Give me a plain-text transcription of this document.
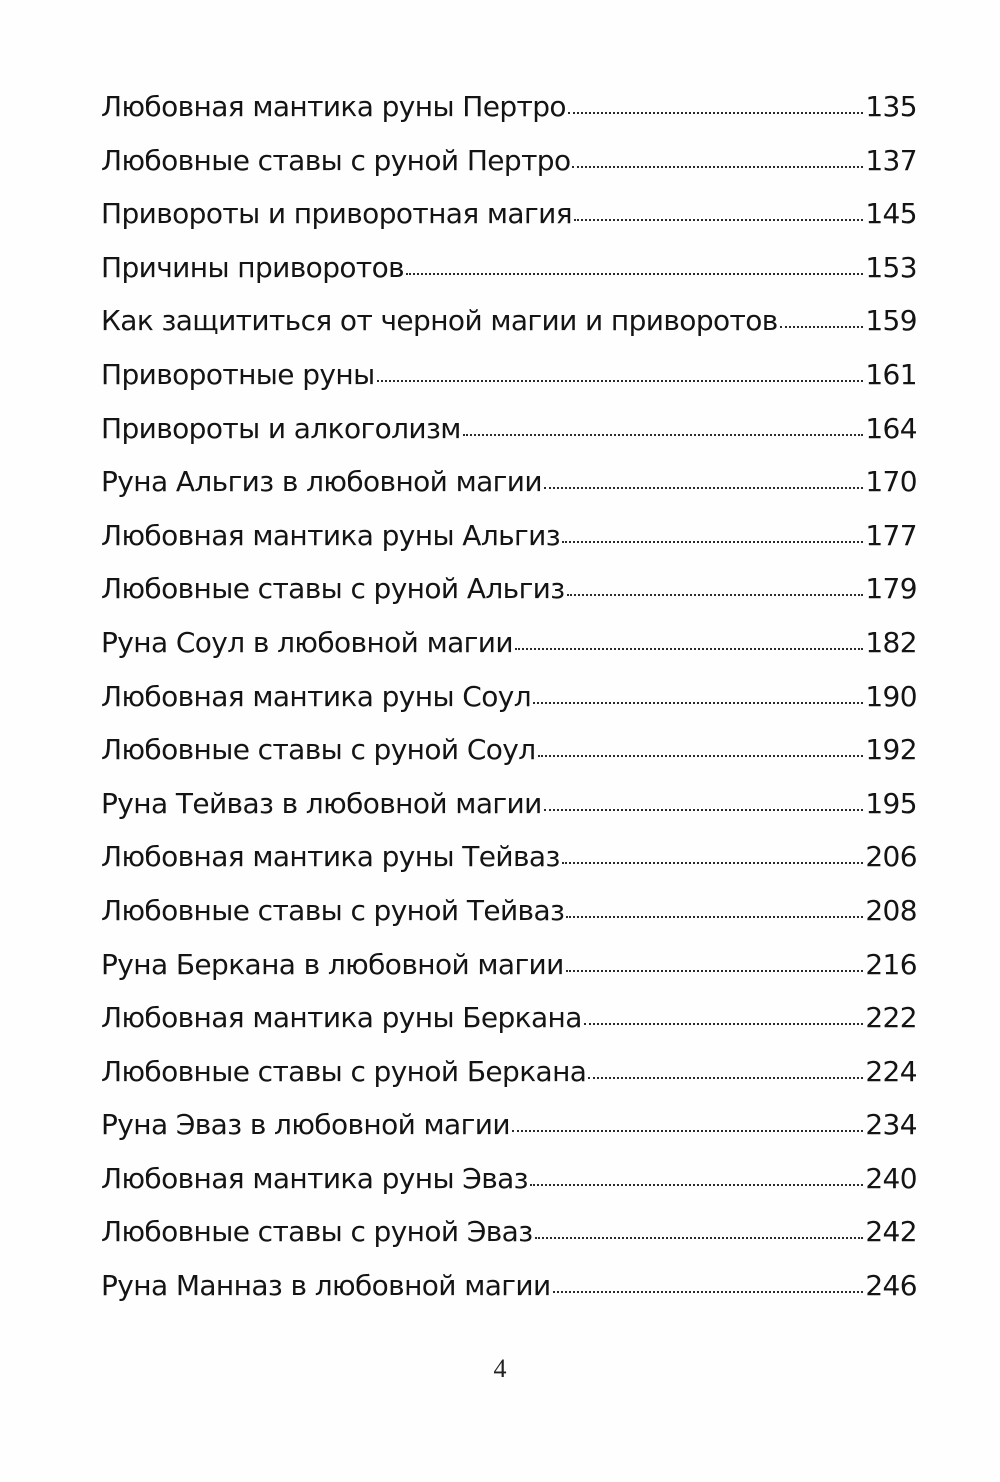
Любовная мантика руны Пертро	135
Любовные ставы с руной Пертро	137
Привороты и приворотная магия	145
Причины приворотов	153
Как защититься от черной магии и приворотов	159
Приворотные руны	161
Привороты и алкоголизм	164
Руна Альгиз в любовной магии	170
Любовная мантика руны Альгиз	177
Любовные ставы с руной Альгиз	179
Руна Соул в любовной магии	182
Любовная мантика руны Соул	190
Любовные ставы с руной Соул	192
Руна Тейваз в любовной магии	195
Любовная мантика руны Тейваз	206
Любовные ставы с руной Тейваз	208
Руна Беркана в любовной магии	216
Любовная мантика руны Беркана	222
Любовные ставы с руной Беркана	224
Руна Эваз в любовной магии	234
Любовная мантика руны Эваз	240
Любовные ставы с руной Эваз	242
Руна Манназ в любовной магии	246
4
